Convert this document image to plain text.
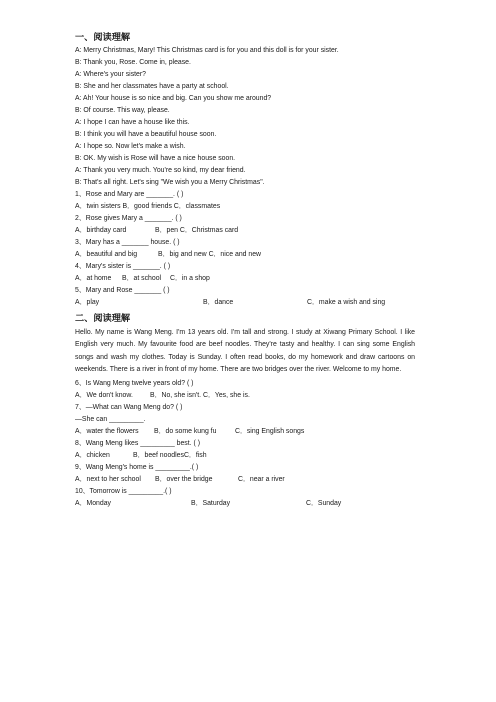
一、阅读理解

A: Merry Christmas, Mary! This Christmas card is for you and this doll is for your sister.

B: Thank you, Rose. Come in, please.

A: Where's your sister?

B: She and her classmates have a party at school.

A: Ah! Your house is so nice and big. Can you show me around?

B: Of course. This way, please.

A: I hope I can have a house like this.

B: I think you will have a beautiful house soon.

A: I hope so. Now let's make a wish.

B: OK. My wish is Rose will have a nice house soon.

A: Thank you very much. You're so kind, my dear friend.

B: That's all right. Let's sing "We wish you a Merry Christmas".

1、Rose and Mary are _______. ( )

A．twin sisters B．good friends C．classmates

2、Rose gives Mary a _______. ( )

A．birthday card	B．pen C．Christmas card

3、Mary has a _______ house. ( )

A．beautiful and big	B．big and new C．nice and new

4、Mary's sister is _______. ( )

A．at home B．at school C．in a shop

5、Mary and Rose _______ ( )

A．play	B．dance	C．make a wish and sing

二、阅读理解

Hello. My name is Wang Meng. I'm 13 years old. I'm tall and strong. I study at Xiwang Primary School. I like English very much. My favourite food are beef noodles. They're tasty and healthy. I can sing some English songs and wash my clothes. Today is Sunday. I often read books, do my homework and draw cartoons on weekends. There is a river in front of my home. There are two bridges over the river. Welcome to my home.

6、Is Wang Meng twelve years old? ( )

A．We don't know. B．No, she isn't. C．Yes, she is.

7、—What can Wang Meng do? ( )

—She can _________.

A．water the flowers B．do some kung fu	C．sing English songs

8、Wang Meng likes _________ best. ( )

A．chicken	B．beef noodlesC．fish

9、Wang Meng's home is _________.( )

A．next to her school B．over the bridge	C．near a river

10、Tomorrow is _________.( )

A．Monday	B．Saturday	C．Sunday
